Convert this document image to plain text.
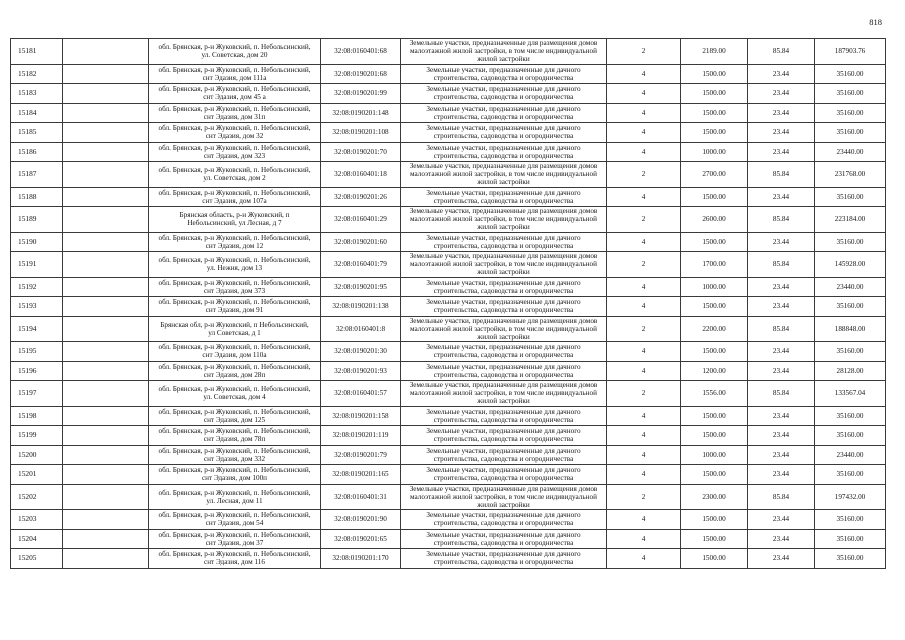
818
15181		обл. Брянская, р-н Жуковский, п. Небольсинский,
ул. Советская, дом 20	32:08:0160401:68	Земельные участки, предназначенные для размещения домов
малоэтажной жилой застройки, в том числе индивидуальной
жилой застройки	2	2189.00	85.84	187903.76
15182		обл. Брянская, р-н Жуковский, п. Небольсинский,
снт Эдазия, дом 111а	32:08:0190201:68	Земельные участки, предназначенные для дачного
строительства, садоводства и огородничества	4	1500.00	23.44	35160.00
15183		обл. Брянская, р-н Жуковский, п. Небольсинский,
снт Эдазия, дом 45 а	32:08:0190201:99	Земельные участки, предназначенные для дачного
строительства, садоводства и огородничества	4	1500.00	23.44	35160.00
15184		обл. Брянская, р-н Жуковский, п. Небольсинский,
снт Эдазия, дом 31п	32:08:0190201:148	Земельные участки, предназначенные для дачного
строительства, садоводства и огородничества	4	1500.00	23.44	35160.00
15185		обл. Брянская, р-н Жуковский, п. Небольсинский,
снт Эдазия, дом 32	32:08:0190201:108	Земельные участки, предназначенные для дачного
строительства, садоводства и огородничества	4	1500.00	23.44	35160.00
15186		обл. Брянская, р-н Жуковский, п. Небольсинский,
снт Эдазия, дом 323	32:08:0190201:70	Земельные участки, предназначенные для дачного
строительства, садоводства и огородничества	4	1000.00	23.44	23440.00
15187		обл. Брянская, р-н Жуковский, п. Небольсинский,
ул. Советская, дом 2	32:08:0160401:18	Земельные участки, предназначенные для размещения домов
малоэтажной жилой застройки, в том числе индивидуальной
жилой застройки	2	2700.00	85.84	231768.00
15188		обл. Брянская, р-н Жуковский, п. Небольсинский,
снт Эдазия, дом 107а	32:08:0190201:26	Земельные участки, предназначенные для дачного
строительства, садоводства и огородничества	4	1500.00	23.44	35160.00
15189		Брянская область, р-н Жуковский, п
Небольсинский, ул Лесная, д 7	32:08:0160401:29	Земельные участки, предназначенные для размещения домов
малоэтажной жилой застройки, в том числе индивидуальной
жилой застройки	2	2600.00	85.84	223184.00
15190		обл. Брянская, р-н Жуковский, п. Небольсинский,
снт Эдазия, дом 12	32:08:0190201:60	Земельные участки, предназначенные для дачного
строительства, садоводства и огородничества	4	1500.00	23.44	35160.00
15191		обл. Брянская, р-н Жуковский, п. Небольсинский,
ул. Нежня, дом 13	32:08:0160401:79	Земельные участки, предназначенные для размещения домов
малоэтажной жилой застройки, в том числе индивидуальной
жилой застройки	2	1700.00	85.84	145928.00
15192		обл. Брянская, р-н Жуковский, п. Небольсинский,
снт Эдазия, дом 373	32:08:0190201:95	Земельные участки, предназначенные для дачного
строительства, садоводства и огородничества	4	1000.00	23.44	23440.00
15193		обл. Брянская, р-н Жуковский, п. Небольсинский,
снт Эдазия, дом 91	32:08:0190201:138	Земельные участки, предназначенные для дачного
строительства, садоводства и огородничества	4	1500.00	23.44	35160.00
15194		Брянская обл, р-н Жуковский, п Небольсинский,
ул Советская, д 1	32:08:0160401:8	Земельные участки, предназначенные для размещения домов
малоэтажной жилой застройки, в том числе индивидуальной
жилой застройки	2	2200.00	85.84	188848.00
15195		обл. Брянская, р-н Жуковский, п. Небольсинский,
снт Эдазия, дом 110а	32:08:0190201:30	Земельные участки, предназначенные для дачного
строительства, садоводства и огородничества	4	1500.00	23.44	35160.00
15196		обл. Брянская, р-н Жуковский, п. Небольсинский,
снт Эдазия, дом 28п	32:08:0190201:93	Земельные участки, предназначенные для дачного
строительства, садоводства и огородничества	4	1200.00	23.44	28128.00
15197		обл. Брянская, р-н Жуковский, п. Небольсинский,
ул. Советская, дом 4	32:08:0160401:57	Земельные участки, предназначенные для размещения домов
малоэтажной жилой застройки, в том числе индивидуальной
жилой застройки	2	1556.00	85.84	133567.04
15198		обл. Брянская, р-н Жуковский, п. Небольсинский,
снт Эдазия, дом 125	32:08:0190201:158	Земельные участки, предназначенные для дачного
строительства, садоводства и огородничества	4	1500.00	23.44	35160.00
15199		обл. Брянская, р-н Жуковский, п. Небольсинский,
снт Эдазия, дом 78п	32:08:0190201:119	Земельные участки, предназначенные для дачного
строительства, садоводства и огородничества	4	1500.00	23.44	35160.00
15200		обл. Брянская, р-н Жуковский, п. Небольсинский,
снт Эдазия, дом 332	32:08:0190201:79	Земельные участки, предназначенные для дачного
строительства, садоводства и огородничества	4	1000.00	23.44	23440.00
15201		обл. Брянская, р-н Жуковский, п. Небольсинский,
снт Эдазия, дом 100п	32:08:0190201:165	Земельные участки, предназначенные для дачного
строительства, садоводства и огородничества	4	1500.00	23.44	35160.00
15202		обл. Брянская, р-н Жуковский, п. Небольсинский,
ул. Лесная, дом 11	32:08:0160401:31	Земельные участки, предназначенные для размещения домов
малоэтажной жилой застройки, в том числе индивидуальной
жилой застройки	2	2300.00	85.84	197432.00
15203		обл. Брянская, р-н Жуковский, п. Небольсинский,
снт Эдазия, дом 54	32:08:0190201:90	Земельные участки, предназначенные для дачного
строительства, садоводства и огородничества	4	1500.00	23.44	35160.00
15204		обл. Брянская, р-н Жуковский, п. Небольсинский,
снт Эдазия, дом 37	32:08:0190201:65	Земельные участки, предназначенные для дачного
строительства, садоводства и огородничества	4	1500.00	23.44	35160.00
15205		обл. Брянская, р-н Жуковский, п. Небольсинский,
снт Эдазия, дом 116	32:08:0190201:170	Земельные участки, предназначенные для дачного
строительства, садоводства и огородничества	4	1500.00	23.44	35160.00
